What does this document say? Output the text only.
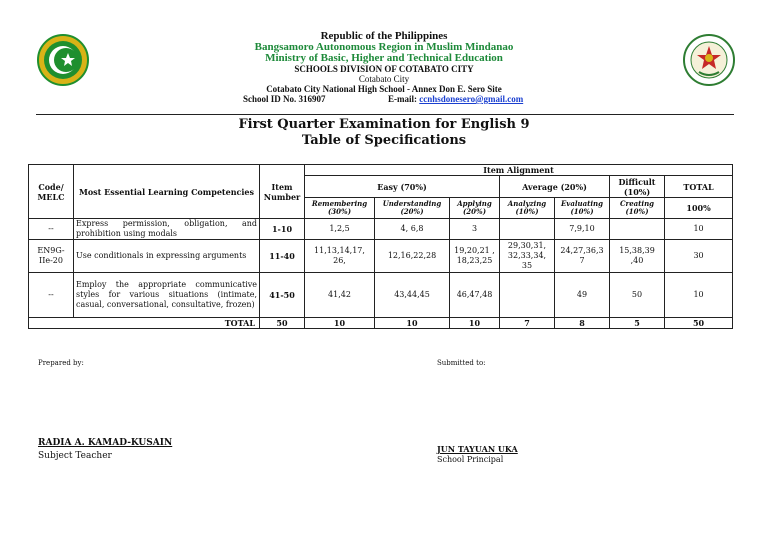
Republic of the Philippines
Bangsamoro Autonomous Region in Muslim Mindanao
Ministry of Basic, Higher and Technical Education
SCHOOLS DIVISION OF COTABATO CITY
Cotabato City
Cotabato City National High School - Annex Don E. Sero Site
School ID No. 316907	E-mail: ccnhsdonesero@gmail.com
First Quarter Examination for English 9
Table of Specifications
Code/ MELC	Most Essential Learning Competencies	Item Number	Item Alignment						
			Easy (70%)			Average (20%)		Difficult (10%)	TOTAL
			Remembering (30%)	Understanding (20%)	Applying (20%)	Analyzing (10%)	Evaluating (10%)	Creating (10%)	100%
--	Express permission, obligation, and prohibition using modals	1-10	1,2,5	4, 6,8	3		7,9,10		10
EN9G-IIe-20	Use conditionals in expressing arguments	11-40	11,13,14,17, 26,	12,16,22,28	19,20,21 , 18,23,25	29,30,31, 32,33,34, 35	24,27,36,3 7	15,38,39 ,40	30
--	Employ the appropriate communicative styles for various situations (intimate, casual, conversational, consultative, frozen)	41-50	41,42	43,44,45	46,47,48		49	50	10
TOTAL		50	10	10	10	7	8	5	50
Prepared by:	Submitted to:
RADIA A. KAMAD-KUSAIN
Subject Teacher
JUN TAYUAN UKA
School Principal
